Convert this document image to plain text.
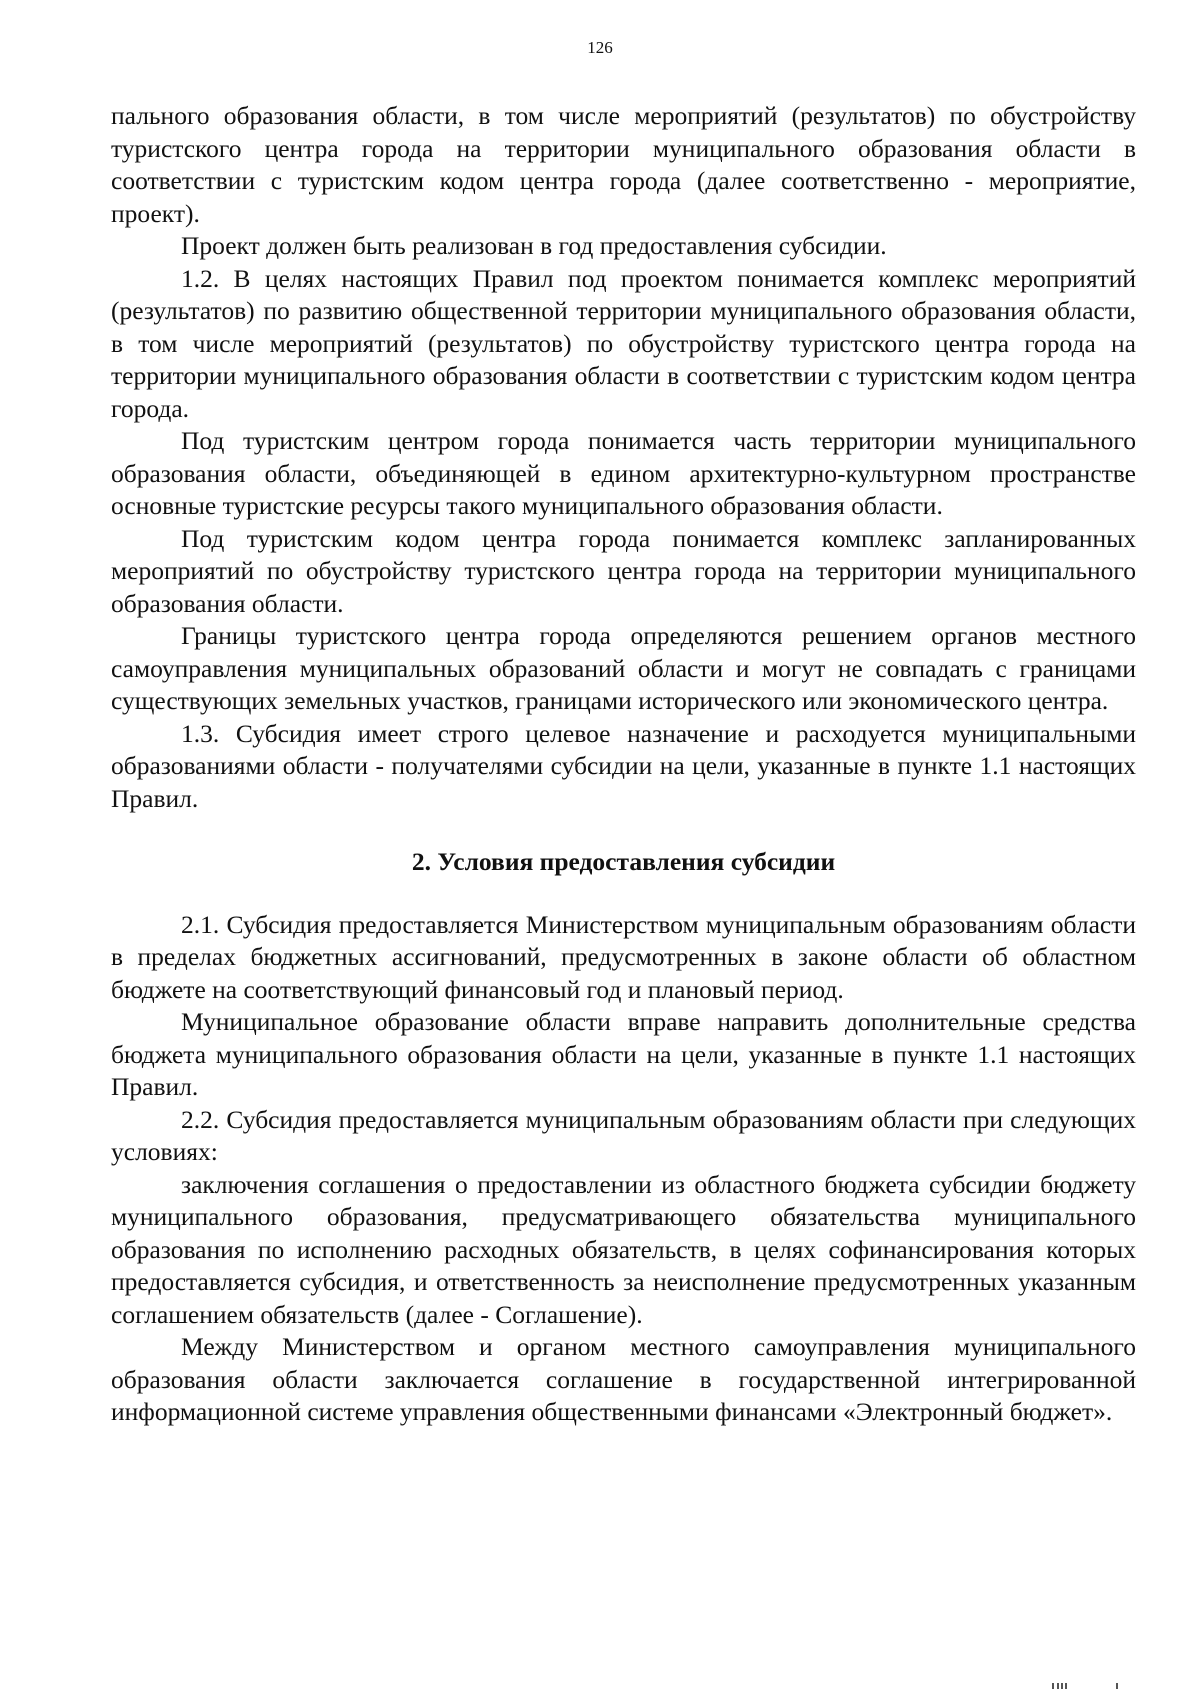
126

пального образования области, в том числе мероприятий (результатов) по обустройству туристского центра города на территории муниципального образования области в соответствии с туристским кодом центра города (далее соответственно - мероприятие, проект).

Проект должен быть реализован в год предоставления субсидии.

1.2. В целях настоящих Правил под проектом понимается комплекс мероприятий (результатов) по развитию общественной территории муниципального образования области, в том числе мероприятий (результатов) по обустройству туристского центра города на территории муниципального образования области в соответствии с туристским кодом центра города.

Под туристским центром города понимается часть территории муниципального образования области, объединяющей в едином архитектурно-культурном пространстве основные туристские ресурсы такого муниципального образования области.

Под туристским кодом центра города понимается комплекс запланированных мероприятий по обустройству туристского центра города на территории муниципального образования области.

Границы туристского центра города определяются решением органов местного самоуправления муниципальных образований области и могут не совпадать с границами существующих земельных участков, границами исторического или экономического центра.

1.3. Субсидия имеет строго целевое назначение и расходуется муниципальными образованиями области - получателями субсидии на цели, указанные в пункте 1.1 настоящих Правил.

2. Условия предоставления субсидии

2.1. Субсидия предоставляется Министерством муниципальным образованиям области в пределах бюджетных ассигнований, предусмотренных в законе области об областном бюджете на соответствующий финансовый год и плановый период.

Муниципальное образование области вправе направить дополнительные средства бюджета муниципального образования области на цели, указанные в пункте 1.1 настоящих Правил.

2.2. Субсидия предоставляется муниципальным образованиям области при следующих условиях:

заключения соглашения о предоставлении из областного бюджета субсидии бюджету муниципального образования, предусматривающего обязательства муниципального образования по исполнению расходных обязательств, в целях софинансирования которых предоставляется субсидия, и ответственность за неисполнение предусмотренных указанным соглашением обязательств (далее - Соглашение).

Между Министерством и органом местного самоуправления муниципального образования области заключается соглашение в государственной интегрированной информационной системе управления общественными финансами «Электронный бюджет».
